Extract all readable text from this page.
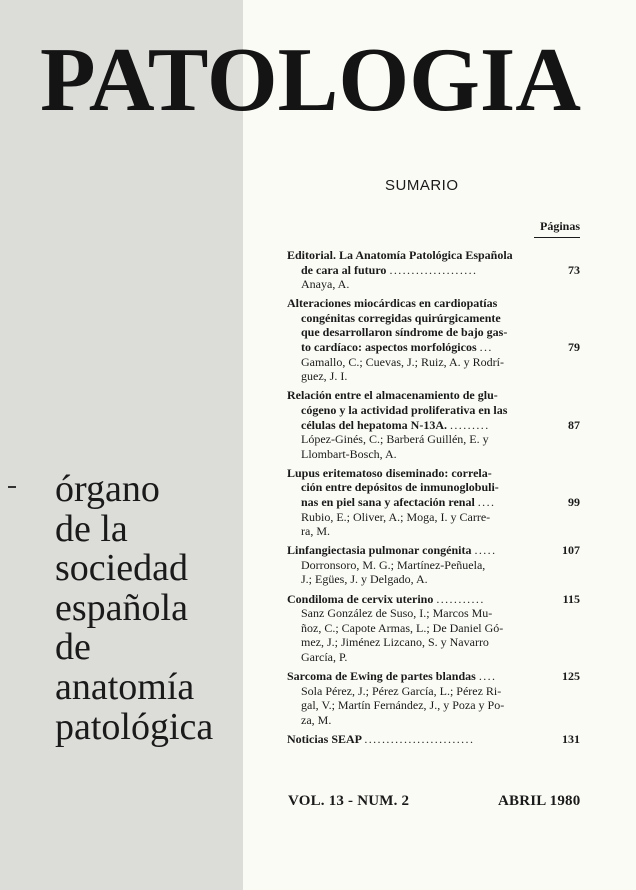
PATOLOGIA
órgano
de la
sociedad
española
de
anatomía
patológica
SUMARIO
Páginas
Editorial. La Anatomía Patológica Española
de cara al futuro ....................	73
Anaya, A.
Alteraciones miocárdicas en cardiopatías
congénitas corregidas quirúrgicamente
que desarrollaron síndrome de bajo gas-
to cardíaco: aspectos morfológicos ...	79
Gamallo, C.; Cuevas, J.; Ruiz, A. y Rodrí-
guez, J. I.
Relación entre el almacenamiento de glu-
cógeno y la actividad proliferativa en las
células del hepatoma N-13A. .........	87
López-Ginés, C.; Barberá Guillén, E. y
Llombart-Bosch, A.
Lupus eritematoso diseminado: correla-
ción entre depósitos de inmunoglobuli-
nas en piel sana y afectación renal ....	99
Rubio, E.; Oliver, A.; Moga, I. y Carre-
ra, M.
Linfangiectasia pulmonar congénita .....	107
Dorronsoro, M. G.; Martínez-Peñuela,
J.; Egües, J. y Delgado, A.
Condiloma de cervix uterino ...........	115
Sanz González de Suso, I.; Marcos Mu-
ñoz, C.; Capote Armas, L.; De Daniel Gó-
mez, J.; Jiménez Lizcano, S. y Navarro
García, P.
Sarcoma de Ewing de partes blandas ....	125
Sola Pérez, J.; Pérez García, L.; Pérez Ri-
gal, V.; Martín Fernández, J., y Poza y Po-
za, M.
Noticias SEAP .........................	131
VOL. 13 - NUM. 2	ABRIL 1980
